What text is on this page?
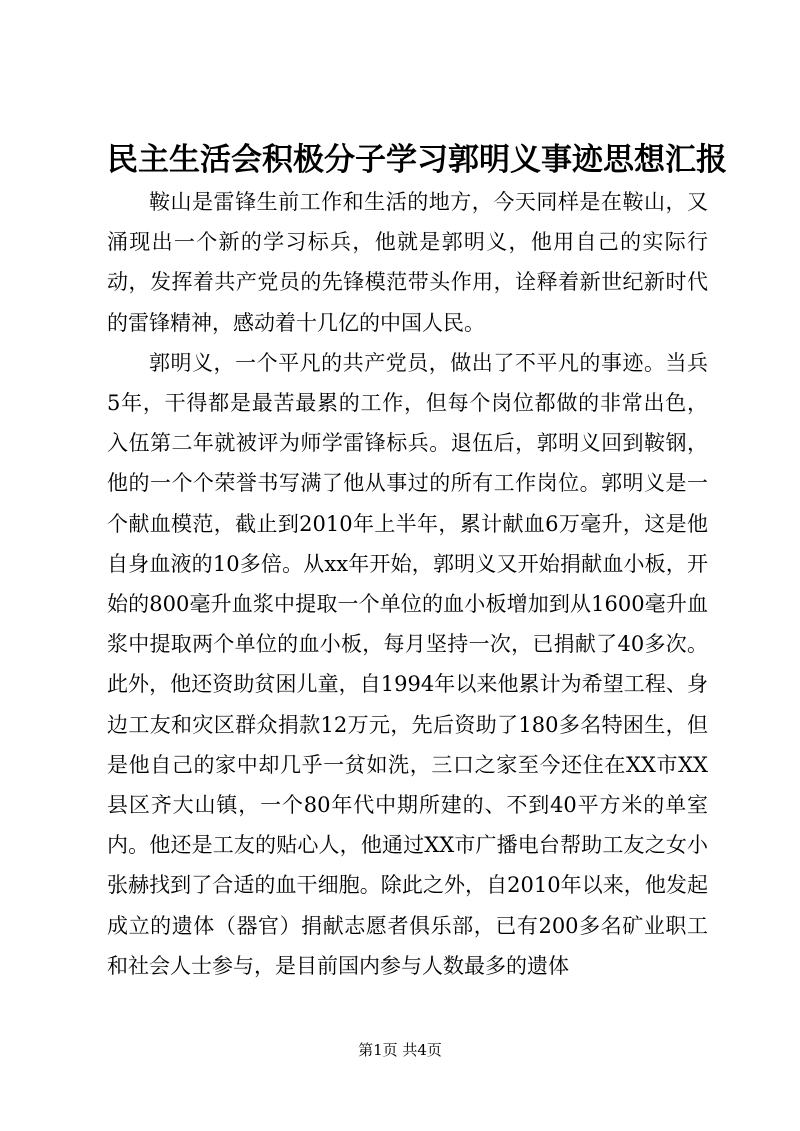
民主生活会积极分子学习郭明义事迹思想汇报

鞍山是雷锋生前工作和生活的地方，今天同样是在鞍山，又涌现出一个新的学习标兵，他就是郭明义，他用自己的实际行动，发挥着共产党员的先锋模范带头作用，诠释着新世纪新时代的雷锋精神，感动着十几亿的中国人民。

郭明义，一个平凡的共产党员，做出了不平凡的事迹。当兵5年，干得都是最苦最累的工作，但每个岗位都做的非常出色，入伍第二年就被评为师学雷锋标兵。退伍后，郭明义回到鞍钢，他的一个个荣誉书写满了他从事过的所有工作岗位。郭明义是一个献血模范，截止到2010年上半年，累计献血6万毫升，这是他自身血液的10多倍。从xx年开始，郭明义又开始捐献血小板，开始的800毫升血浆中提取一个单位的血小板增加到从1600毫升血浆中提取两个单位的血小板，每月坚持一次，已捐献了40多次。此外，他还资助贫困儿童，自1994年以来他累计为希望工程、身边工友和灾区群众捐款12万元，先后资助了180多名特困生，但是他自己的家中却几乎一贫如洗，三口之家至今还住在XX市XX县区齐大山镇，一个80年代中期所建的、不到40平方米的单室内。他还是工友的贴心人，他通过XX市广播电台帮助工友之女小张赫找到了合适的血干细胞。除此之外，自2010年以来，他发起成立的遗体（器官）捐献志愿者俱乐部，已有200多名矿业职工和社会人士参与，是目前国内参与人数最多的遗体

第1页 共4页
